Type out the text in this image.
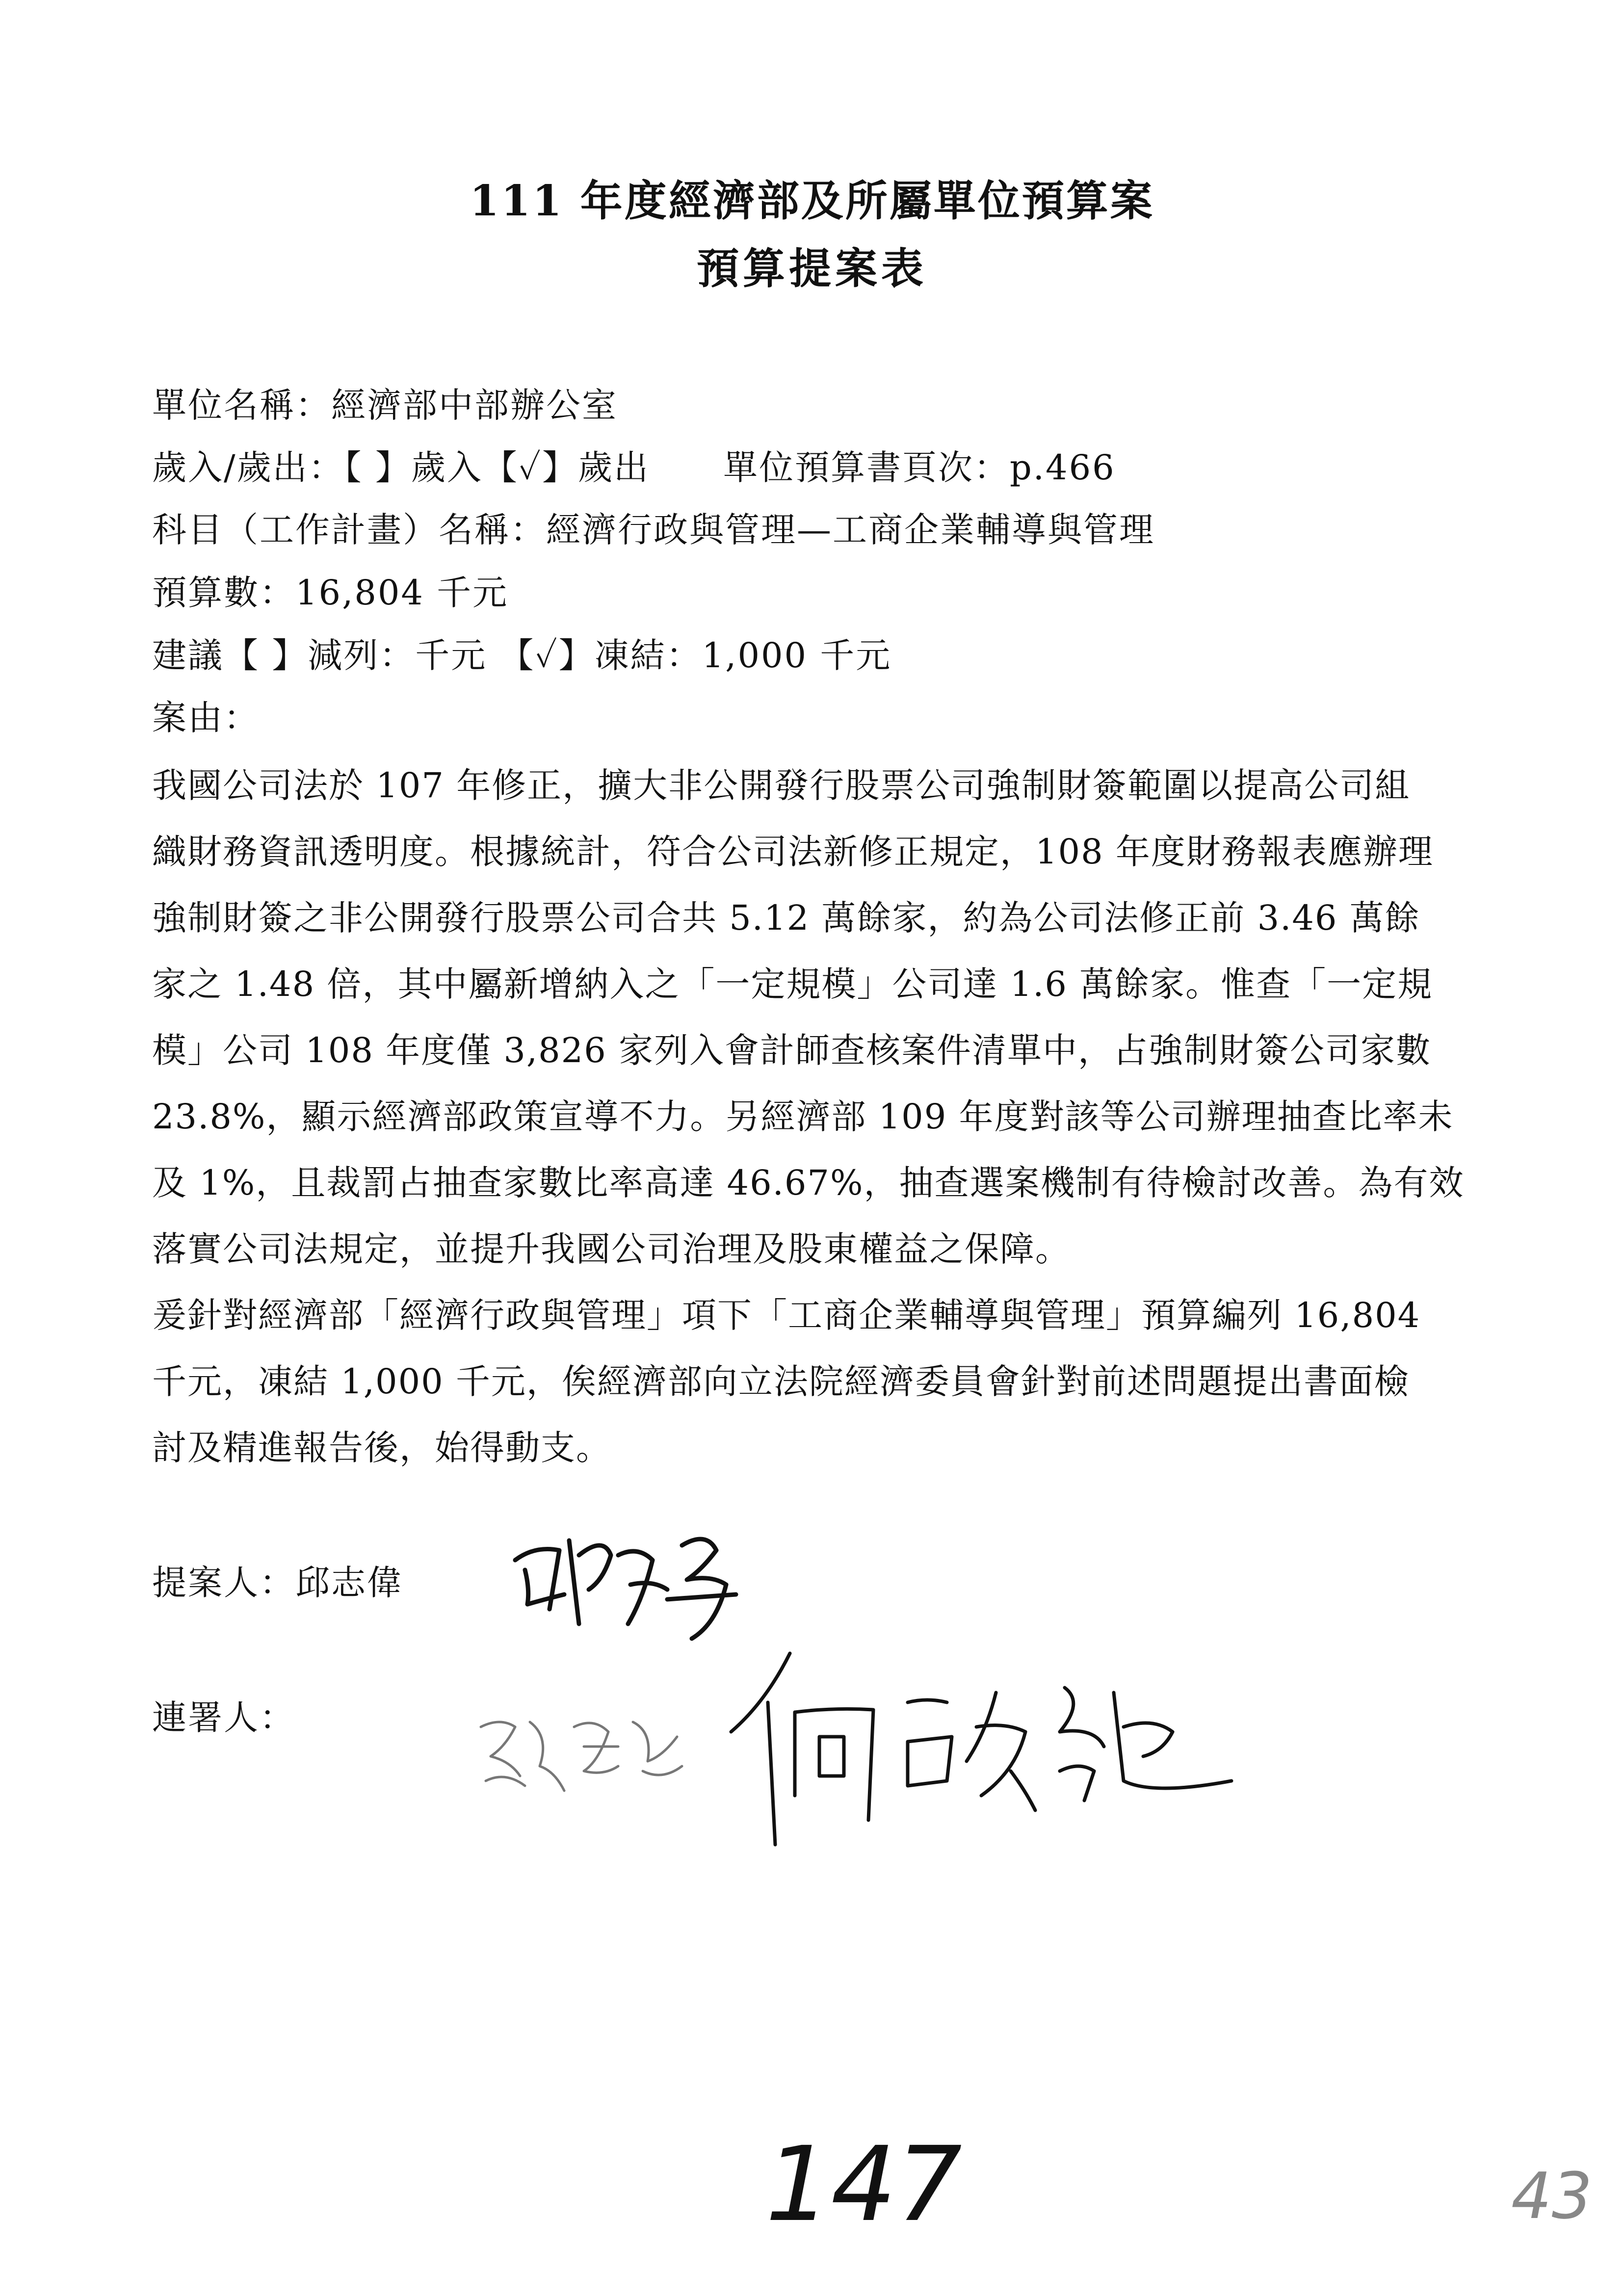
111 年度經濟部及所屬單位預算案
預算提案表
單位名稱：經濟部中部辦公室
歲入/歲出：【 】歲入【✓】歲出 單位預算書頁次：p.466
科目（工作計畫）名稱：經濟行政與管理—工商企業輔導與管理
預算數：16,804 千元
建議【 】減列：千元 【✓】凍結：1,000 千元
案由：
我國公司法於 107 年修正，擴大非公開發行股票公司強制財簽範圍以提高公司組
織財務資訊透明度。根據統計，符合公司法新修正規定，108 年度財務報表應辦理
強制財簽之非公開發行股票公司合共 5.12 萬餘家，約為公司法修正前 3.46 萬餘
家之 1.48 倍，其中屬新增納入之「一定規模」公司達 1.6 萬餘家。惟查「一定規
模」公司 108 年度僅 3,826 家列入會計師查核案件清單中，占強制財簽公司家數
23.8%，顯示經濟部政策宣導不力。另經濟部 109 年度對該等公司辦理抽查比率未
及 1%，且裁罰占抽查家數比率高達 46.67%，抽查選案機制有待檢討改善。為有效
落實公司法規定，並提升我國公司治理及股東權益之保障。
爰針對經濟部「經濟行政與管理」項下「工商企業輔導與管理」預算編列 16,804
千元，凍結 1,000 千元，俟經濟部向立法院經濟委員會針對前述問題提出書面檢
討及精進報告後，始得動支。
提案人：邱志偉
連署人：
147	43
